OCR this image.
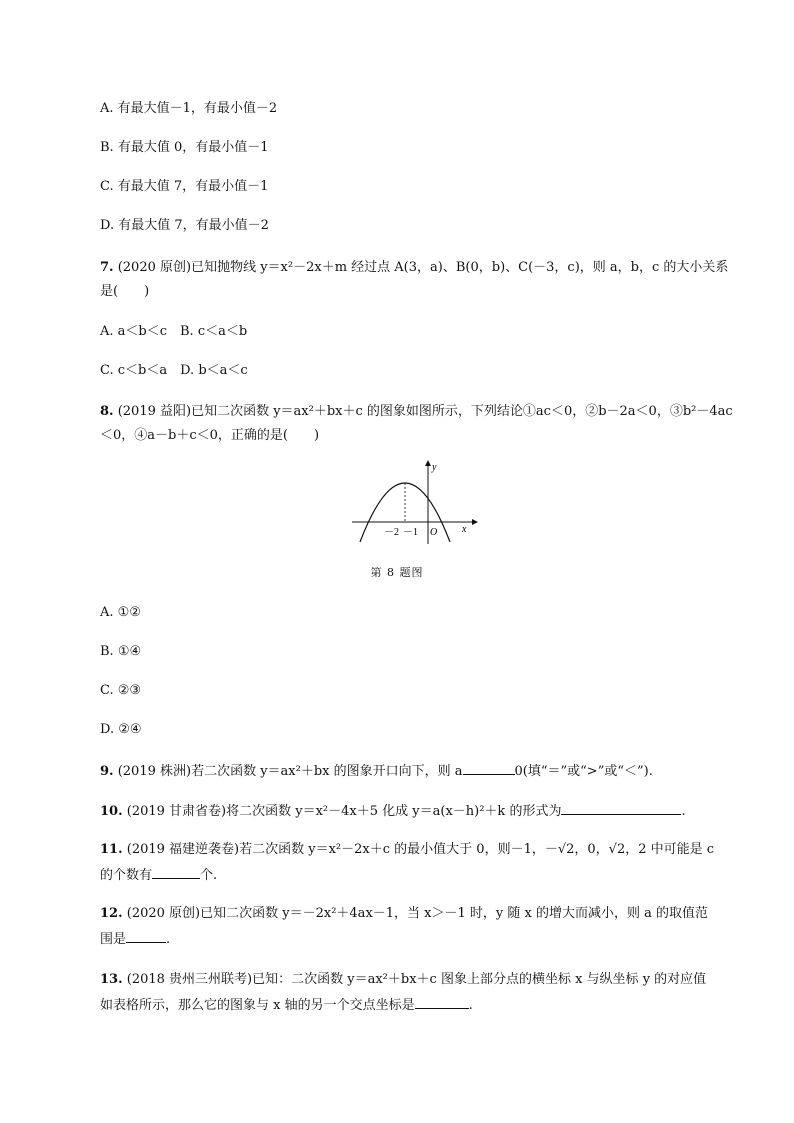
A. 有最大值－1，有最小值－2
B. 有最大值 0，有最小值－1
C. 有最大值 7，有最小值－1
D. 有最大值 7，有最小值－2
7. (2020 原创)已知抛物线 y＝x²－2x＋m 经过点 A(3，a)、B(0，b)、C(－3，c)，则 a，b，c 的大小关系
是(　　)
A. a＜b＜c　B. c＜a＜b
C. c＜b＜a　D. b＜a＜c
8. (2019 益阳)已知二次函数 y＝ax²＋bx＋c 的图象如图所示，下列结论①ac＜0，②b－2a＜0，③b²－4ac
＜0，④a－b＋c＜0，正确的是(　　)
y
x
－2 －1 O
第 8 题图
A. ①②
B. ①④
C. ②③
D. ②④
9. (2019 株洲)若二次函数 y＝ax²＋bx 的图象开口向下，则 a	0(填“＝”或“>”或“＜”).
10. (2019 甘肃省卷)将二次函数 y＝x²－4x＋5 化成 y＝a(x－h)²＋k 的形式为	.
11. (2019 福建逆袭卷)若二次函数 y＝x²－2x＋c 的最小值大于 0，则－1，－√2，0，√2，2 中可能是 c
的个数有	个.
12. (2020 原创)已知二次函数 y＝－2x²＋4ax－1，当 x＞－1 时，y 随 x 的增大而减小，则 a 的取值范
围是	.
13. (2018 贵州三州联考)已知：二次函数 y＝ax²＋bx＋c 图象上部分点的横坐标 x 与纵坐标 y 的对应值
如表格所示，那么它的图象与 x 轴的另一个交点坐标是	.
